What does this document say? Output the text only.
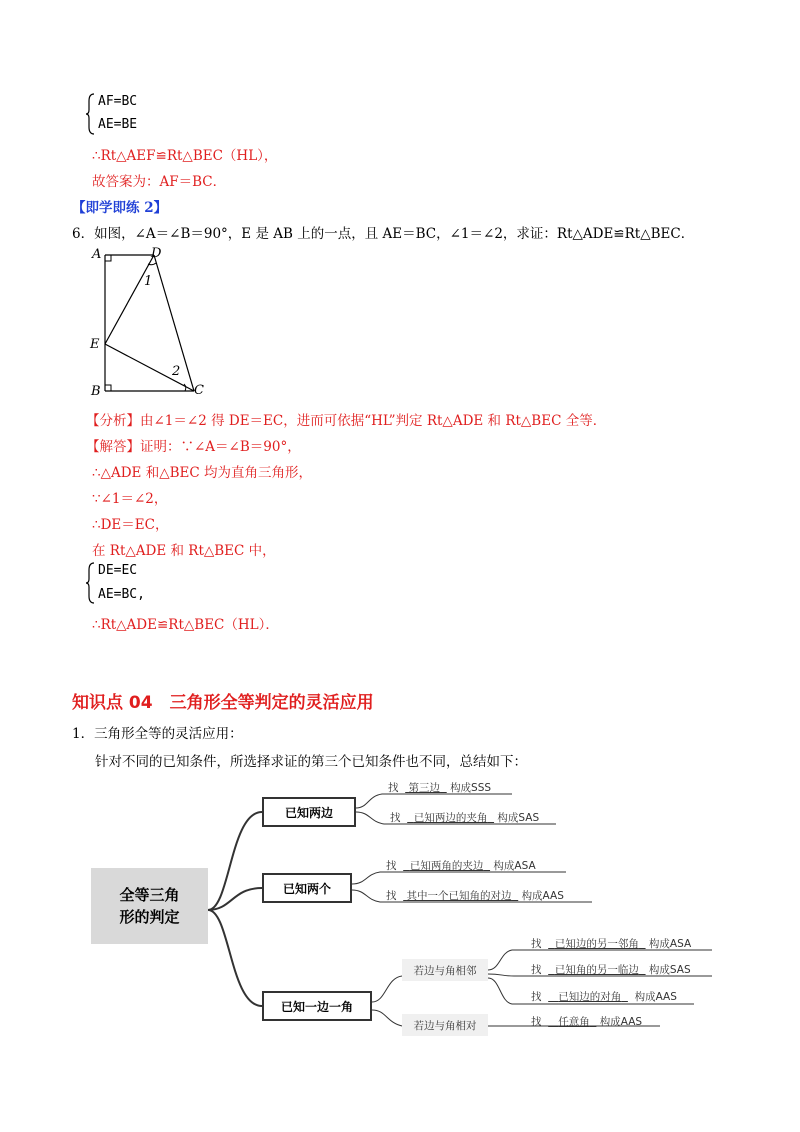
AF=BC
AE=BE
∴Rt△AEF≌Rt△BEC（HL），
故答案为：AF＝BC．
【即学即练 2】
6．如图，∠A＝∠B＝90°，E 是 AB 上的一点，且 AE＝BC，∠1＝∠2，求证：Rt△ADE≌Rt△BEC．
A	D
1
E
2
B	C
【分析】由∠1＝∠2 得 DE＝EC，进而可依据“HL”判定 Rt△ADE 和 Rt△BEC 全等．
【解答】证明：∵∠A＝∠B＝90°，
∴△ADE 和△BEC 均为直角三角形，
∵∠1＝∠2，
∴DE＝EC，
在 Rt△ADE 和 Rt△BEC 中，
DE=EC
AE=BC,
∴Rt△ADE≌Rt△BEC（HL）．
知识点 04　三角形全等判定的灵活应用
1．三角形全等的灵活应用：
针对不同的已知条件，所选择求证的第三个已知条件也不同，总结如下：
全等三角
形的判定
已知两边
已知两个
已知一边一角
找 第三边 构成SSS
找 已知两边的夹角 构成SAS
找 已知两角的夹边 构成ASA
找 其中一个已知角的对边 构成AAS
若边与角相邻
若边与角相对
找 已知边的另一邻角 构成ASA
找 已知角的另一临边 构成SAS
找 已知边的对角 构成AAS
找 任意角 构成AAS
